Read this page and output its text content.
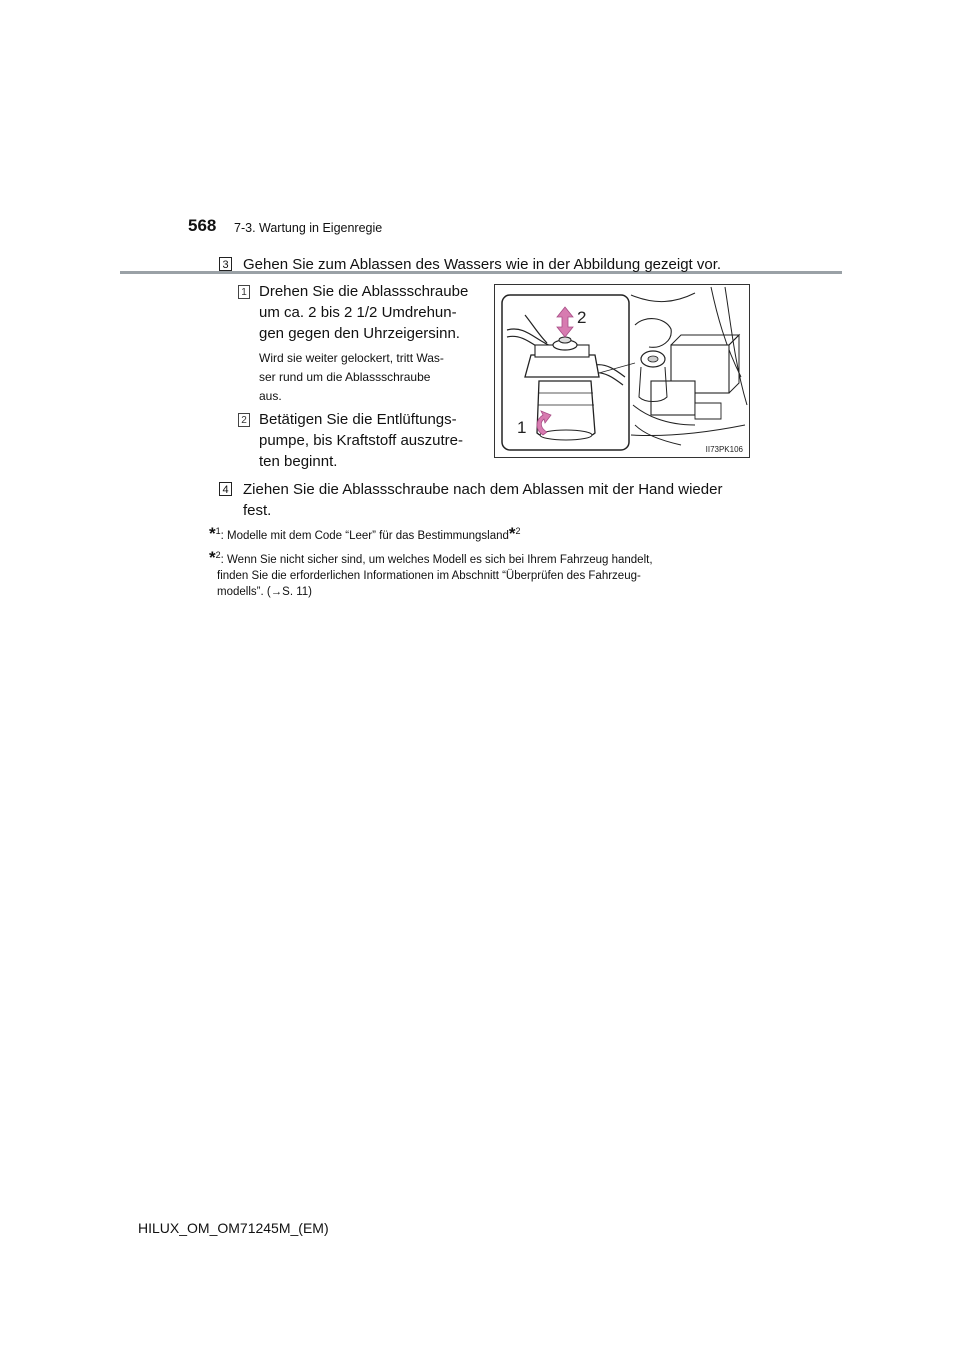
568 7-3. Wartung in Eigenregie
3 Gehen Sie zum Ablassen des Wassers wie in der Abbildung gezeigt vor.
1 Drehen Sie die Ablassschraube
um ca. 2 bis 2 1/2 Umdrehun-
gen gegen den Uhrzeigersinn.
Wird sie weiter gelockert, tritt Was-
ser rund um die Ablassschraube
aus.
2 Betätigen Sie die Entlüftungs-
pumpe, bis Kraftstoff auszutre-
ten beginnt.
2
1
II73PK106
4 Ziehen Sie die Ablassschraube nach dem Ablassen mit der Hand wieder
fest.
*$^1$: Modelle mit dem Code “Leer” für das Bestimmungsland*$^2$
*$^2$: Wenn Sie nicht sicher sind, um welches Modell es sich bei Ihrem Fahrzeug handelt,
finden Sie die erforderlichen Informationen im Abschnitt “Überprüfen des Fahrzeug-
modells”. (→S. 11)
HILUX_OM_OM71245M_(EM)
